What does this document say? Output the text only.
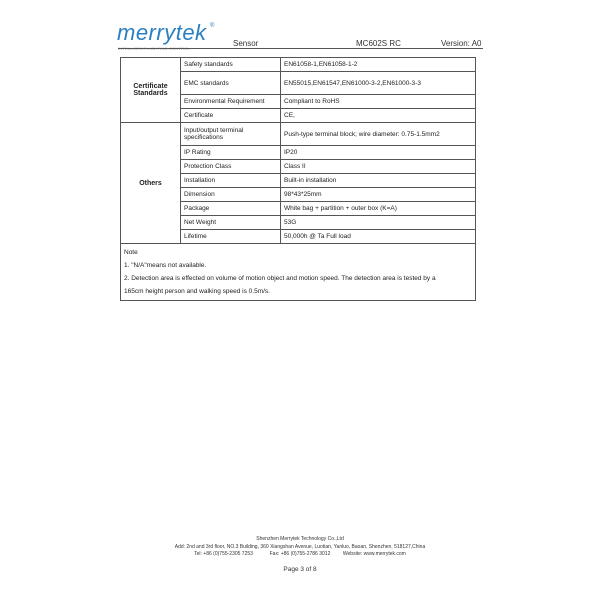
merrytek ®
INTELLIGENT LIGHTING CONTROL
Sensor	MC602S RC	Version: A0
Certificate Standards	Safety standards	EN61058-1,EN61058-1-2
	EMC standards	EN55015,EN61547,EN61000-3-2,EN61000-3-3
	Environmental Requirement	Compliant to RoHS
	Certificate	CE,
Others	Input/output terminal specifications	Push-type terminal block; wire diameter: 0.75-1.5mm2
	IP Rating	IP20
	Protection Class	Class II
	Installation	Built-in installation
	Dimension	98*43*25mm
	Package	White bag + partition + outer box (K=A)
	Net Weight	53G
	Lifetime	50,000h @ Ta Full load

Note
1. "N/A"means not available.
2. Detection area is effected on volume of motion object and motion speed. The detection area is tested by a
165cm height person and walking speed is 0.5m/s.		
Shenzhen Merrytek Technology Co.,Ltd
Add: 2nd and 3rd floor, NO.3 Building, 360 Xiangshan Avenue, Luotian, Yanluo, Baoan, Shenzhen, 518127,China
Tel: +86 (0)755-2305 7253	Fax: +86 (0)755-2786 3012	Website: www.merrytek.com
Page 3 of 8
